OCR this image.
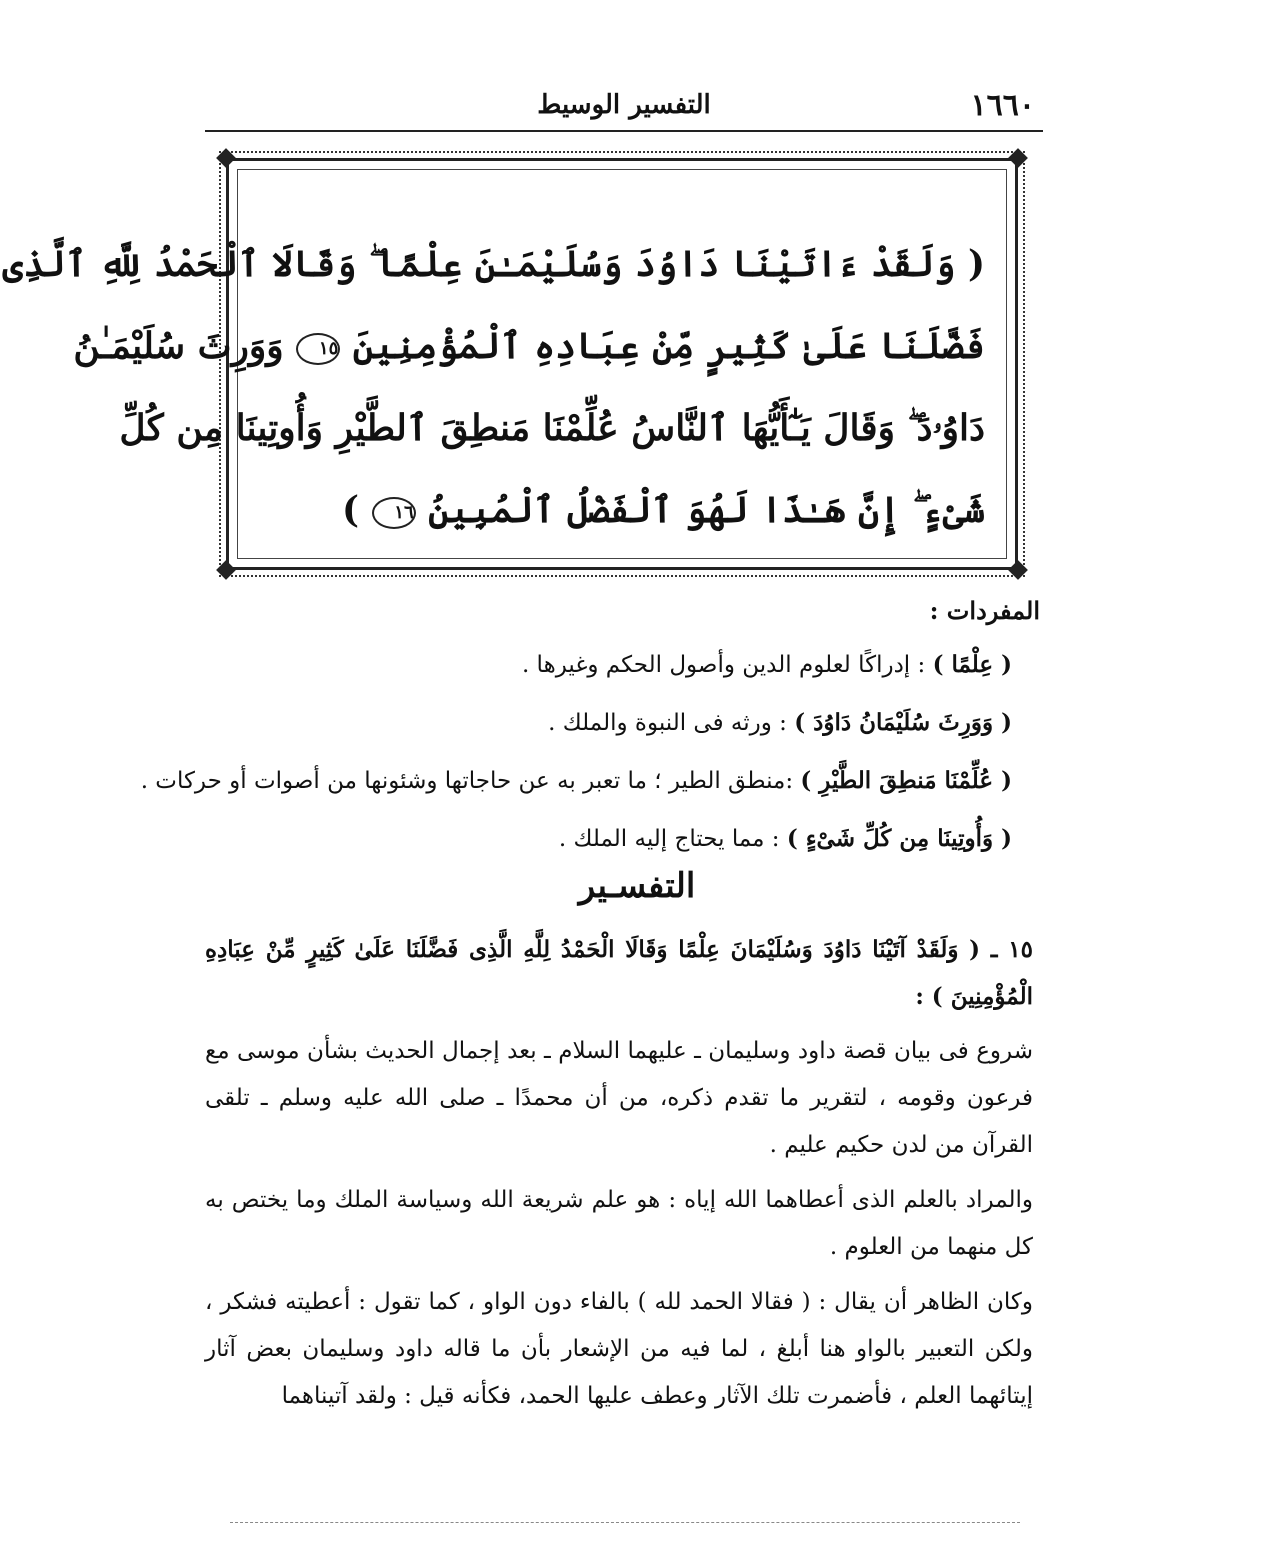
١٦٦٠
التفسير الوسيط
( وَلَقَدْ ءَاتَيْنَا دَاوُدَ وَسُلَيْمَـٰنَ عِلْمًا ۖ وَقَالَا ٱلْحَمْدُ لِلَّهِ ٱلَّذِى
فَضَّلَنَا عَلَىٰ كَثِيرٍ مِّنْ عِبَادِهِ ٱلْمُؤْمِنِينَ ١٥ وَوَرِثَ سُلَيْمَـٰنُ
دَاوُۥدَ ۖ وَقَالَ يَـٰٓأَيُّهَا ٱلنَّاسُ عُلِّمْنَا مَنطِقَ ٱلطَّيْرِ وَأُوتِينَا مِن كُلِّ
شَىْءٍ ۖ إِنَّ هَـٰذَا لَهُوَ ٱلْفَضْلُ ٱلْمُبِينُ ١٦ )
المفردات :
( عِلْمًا ) : إدراكًا لعلوم الدين وأصول الحكم وغيرها .
( وَوَرِثَ سُلَيْمَانُ دَاوُدَ ) : ورثه فى النبوة والملك .
( عُلِّمْنَا مَنطِقَ الطَّيْرِ ) :منطق الطير ؛ ما تعبر به عن حاجاتها وشئونها من أصوات أو حركات .
( وَأُوتِينَا مِن كُلِّ شَىْءٍ ) : مما يحتاج إليه الملك .
التفسـير

١٥ ـ ( وَلَقَدْ آتَيْنَا دَاوُدَ وَسُلَيْمَانَ عِلْمًا وَقَالَا الْحَمْدُ لِلَّهِ الَّذِى فَضَّلَنَا عَلَىٰ كَثِيرٍ مِّنْ عِبَادِهِ الْمُؤْمِنِينَ ) :

شروع فى بيان قصة داود وسليمان ـ عليهما السلام ـ بعد إجمال الحديث بشأن موسى مع فرعون وقومه ، لتقرير ما تقدم ذكره، من أن محمدًا ـ صلى الله عليه وسلم ـ تلقى القرآن من لدن حكيم عليم .

والمراد بالعلم الذى أعطاهما الله إياه : هو علم شريعة الله وسياسة الملك وما يختص به كل منهما من العلوم .

وكان الظاهر أن يقال : ( فقالا الحمد لله ) بالفاء دون الواو ، كما تقول : أعطيته فشكر ، ولكن التعبير بالواو هنا أبلغ ، لما فيه من الإشعار بأن ما قاله داود وسليمان بعض آثار إيتائهما العلم ، فأضمرت تلك الآثار وعطف عليها الحمد، فكأنه قيل : ولقد آتيناهما
